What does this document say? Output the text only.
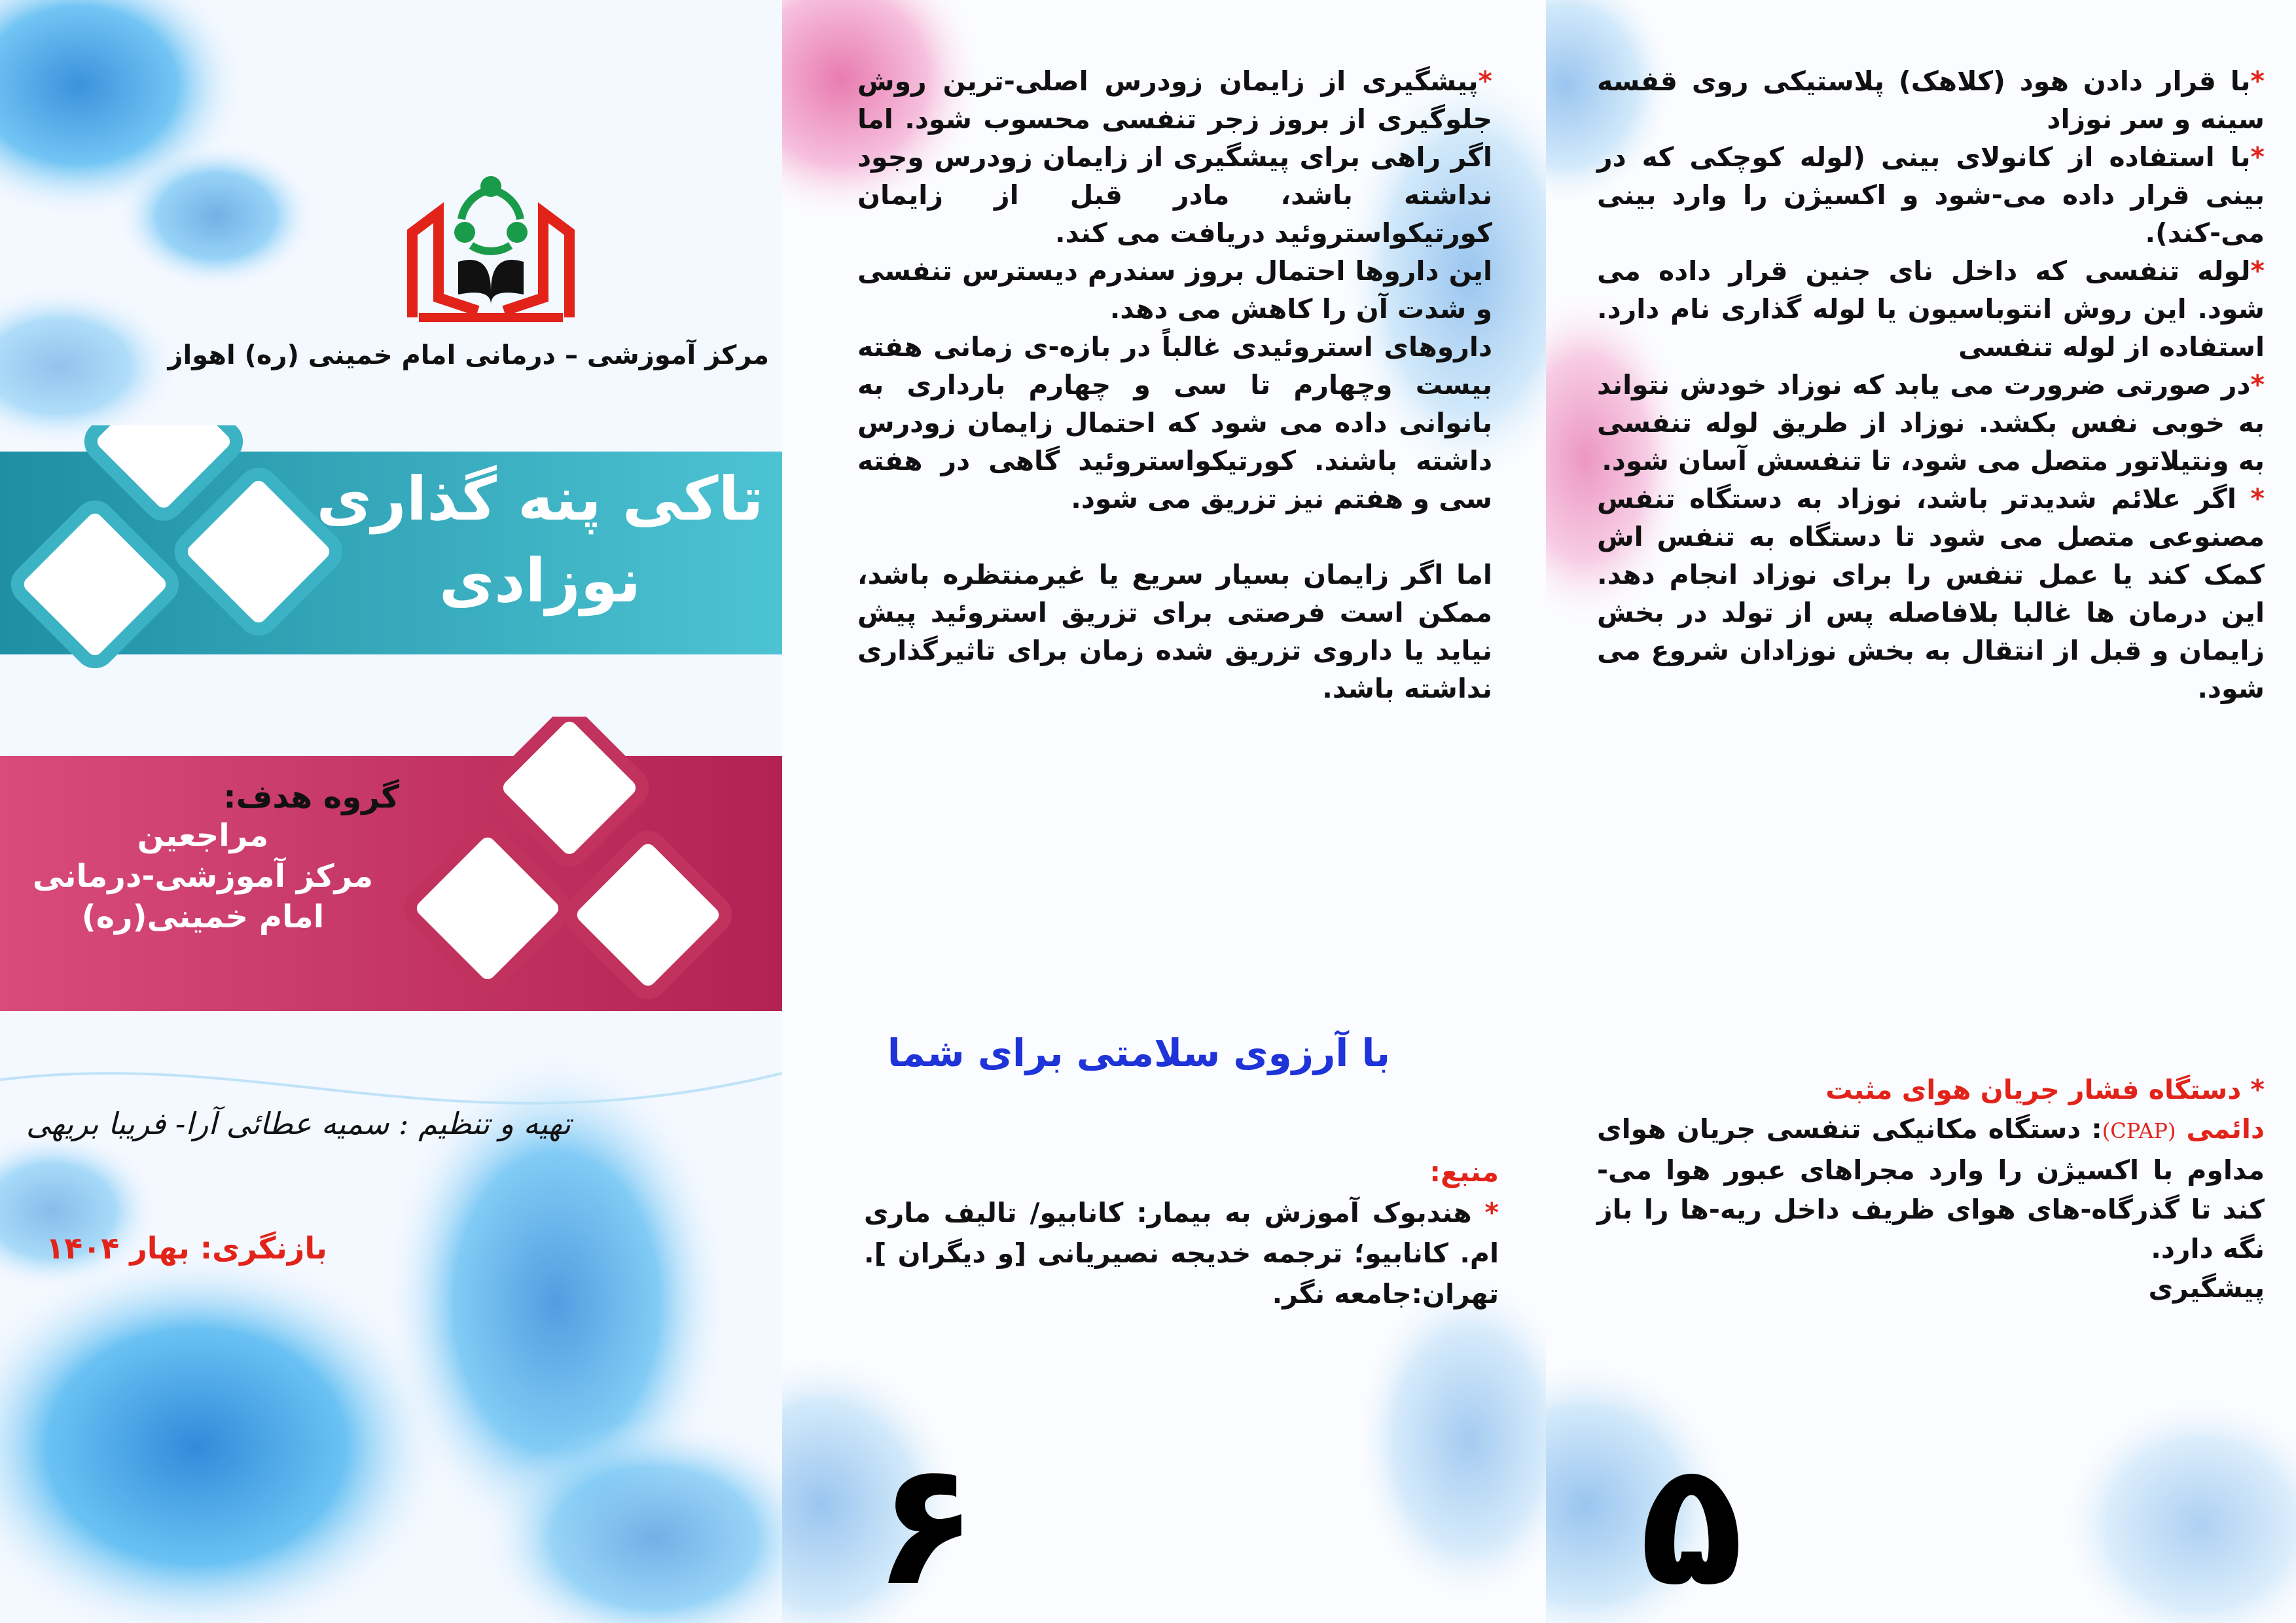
مرکز آموزشی – درمانی امام خمینی (ره) اهواز
تاکی پنه گذاری
نوزادی
گروه هدف:
مراجعین
مرکز آموزشی-درمانی
امام خمینی(ره)
تهیه و تنظیم : سمیه عطائی آرا- فریبا بریهی
بازنگری: بهار ۱۴۰۴

*پیشگیری از زایمان زودرس اصلی-ترین روش جلوگیری از بروز زجر تنفسی محسوب شود. اما اگر راهی برای پیشگیری از زایمان زودرس وجود نداشته باشد، مادر قبل از زایمان کورتیکواستروئید دریافت می کند.

این داروها احتمال بروز سندرم دیسترس تنفسی و شدت آن را کاهش می دهد.

داروهای استروئیدی غالباً در بازه-ی زمانی هفته بیست وچهارم تا سی و چهارم بارداری به بانوانی داده می شود که احتمال زایمان زودرس داشته باشند. کورتیکواستروئید گاهی در هفته سی و هفتم نیز تزریق می شود.

اما اگر زایمان بسیار سریع یا غیرمنتظره باشد، ممکن است فرصتی برای تزریق استروئید پیش نیاید یا داروی تزریق شده زمان برای تاثیرگذاری نداشته باشد.

با آرزوی سلامتی برای شما
منبع:
* هندبوک آموزش به بیمار: کانابیو/ تالیف ماری ام. کانابیو؛ ترجمه خدیجه نصیریانی [و دیگران ]. تهران:جامعه نگر.
۶

*با قرار دادن هود (کلاهک) پلاستیکی روی قفسه سینه و سر نوزاد

*با استفاده از کانولای بینی (لوله کوچکی که در بینی قرار داده می-شود و اکسیژن را وارد بینی می-کند).

*لوله تنفسی که داخل نای جنین قرار داده می شود. این روش انتوباسیون یا لوله گذاری نام دارد. استفاده از لوله تنفسی

*در صورتی ضرورت می یابد که نوزاد خودش نتواند به خوبی نفس بکشد. نوزاد از طریق لوله تنفسی به ونتیلاتور متصل می شود، تا تنفسش آسان شود.

* اگر علائم شدیدتر باشد، نوزاد به دستگاه تنفس مصنوعی متصل می شود تا دستگاه به تنفس اش کمک کند یا عمل تنفس را برای نوزاد انجام دهد. این درمان ها غالبا بلافاصله پس از تولد در بخش زایمان و قبل از انتقال به بخش نوزادان شروع می شود.

* دستگاه فشار جریان هوای مثبت
دائمی (CPAP): دستگاه مکانیکی تنفسی جریان هوای مداوم با اکسیژن را وارد مجراهای عبور هوا می-کند تا گذرگاه-های هوای ظریف داخل ریه-ها را باز نگه دارد.
پیشگیری
۵
